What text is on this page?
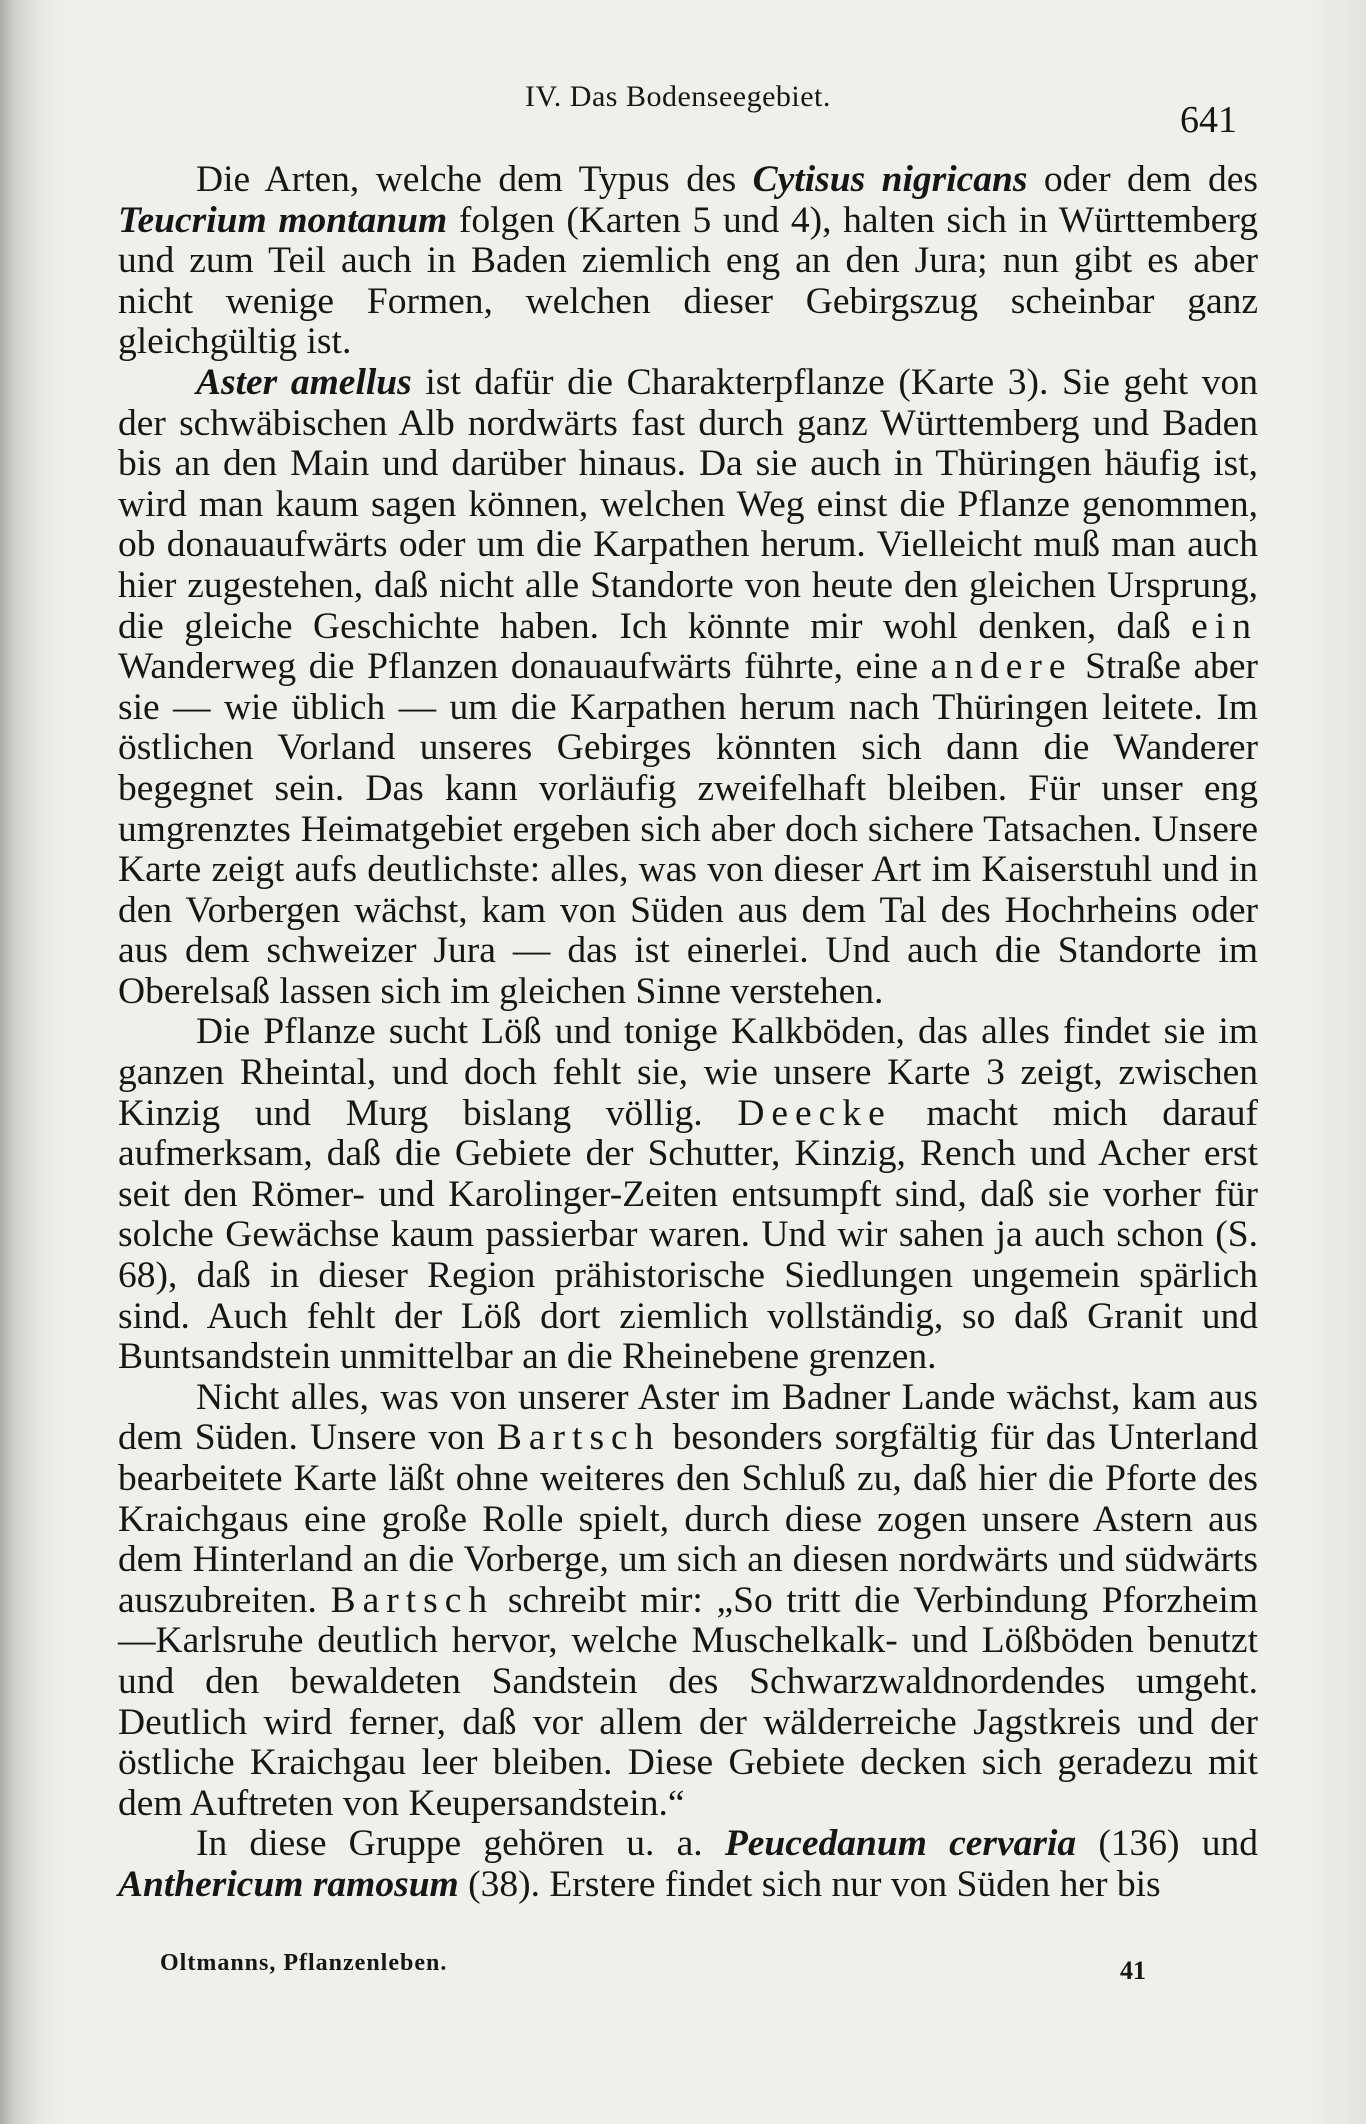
IV. Das Bodenseegebiet.
641

Die Arten, welche dem Typus des Cytisus nigricans oder dem des Teucrium montanum folgen (Karten 5 und 4), halten sich in Württemberg und zum Teil auch in Baden ziemlich eng an den Jura; nun gibt es aber nicht wenige Formen, welchen dieser Gebirgszug scheinbar ganz gleichgültig ist.

Aster amellus ist dafür die Charakterpflanze (Karte 3). Sie geht von der schwäbischen Alb nordwärts fast durch ganz Württemberg und Baden bis an den Main und darüber hinaus. Da sie auch in Thüringen häufig ist, wird man kaum sagen können, welchen Weg einst die Pflanze genommen, ob donauaufwärts oder um die Karpathen herum. Vielleicht muß man auch hier zugestehen, daß nicht alle Standorte von heute den gleichen Ursprung, die gleiche Geschichte haben. Ich könnte mir wohl denken, daß ein Wanderweg die Pflanzen donauaufwärts führte, eine andere Straße aber sie — wie üblich — um die Karpathen herum nach Thüringen leitete. Im östlichen Vorland unseres Gebirges könnten sich dann die Wanderer begegnet sein. Das kann vorläufig zweifelhaft bleiben. Für unser eng umgrenztes Heimatgebiet ergeben sich aber doch sichere Tatsachen. Unsere Karte zeigt aufs deutlichste: alles, was von dieser Art im Kaiserstuhl und in den Vorbergen wächst, kam von Süden aus dem Tal des Hochrheins oder aus dem schweizer Jura — das ist einerlei. Und auch die Standorte im Oberelsaß lassen sich im gleichen Sinne verstehen.

Die Pflanze sucht Löß und tonige Kalkböden, das alles findet sie im ganzen Rheintal, und doch fehlt sie, wie unsere Karte 3 zeigt, zwischen Kinzig und Murg bislang völlig. Deecke macht mich darauf aufmerksam, daß die Gebiete der Schutter, Kinzig, Rench und Acher erst seit den Römer- und Karolinger-Zeiten entsumpft sind, daß sie vorher für solche Gewächse kaum passierbar waren. Und wir sahen ja auch schon (S. 68), daß in dieser Region prähistorische Siedlungen ungemein spärlich sind. Auch fehlt der Löß dort ziemlich vollständig, so daß Granit und Buntsandstein unmittelbar an die Rheinebene grenzen.

Nicht alles, was von unserer Aster im Badner Lande wächst, kam aus dem Süden. Unsere von Bartsch besonders sorgfältig für das Unterland bearbeitete Karte läßt ohne weiteres den Schluß zu, daß hier die Pforte des Kraichgaus eine große Rolle spielt, durch diese zogen unsere Astern aus dem Hinterland an die Vorberge, um sich an diesen nordwärts und südwärts auszubreiten. Bartsch schreibt mir: „So tritt die Verbindung Pforzheim—Karlsruhe deutlich hervor, welche Muschelkalk- und Lößböden benutzt und den bewaldeten Sandstein des Schwarzwaldnordendes umgeht. Deutlich wird ferner, daß vor allem der wälderreiche Jagstkreis und der östliche Kraichgau leer bleiben. Diese Gebiete decken sich geradezu mit dem Auftreten von Keupersandstein.“

In diese Gruppe gehören u. a. Peucedanum cervaria (136) und Anthericum ramosum (38). Erstere findet sich nur von Süden her bis

Oltmanns, Pflanzenleben.	41
